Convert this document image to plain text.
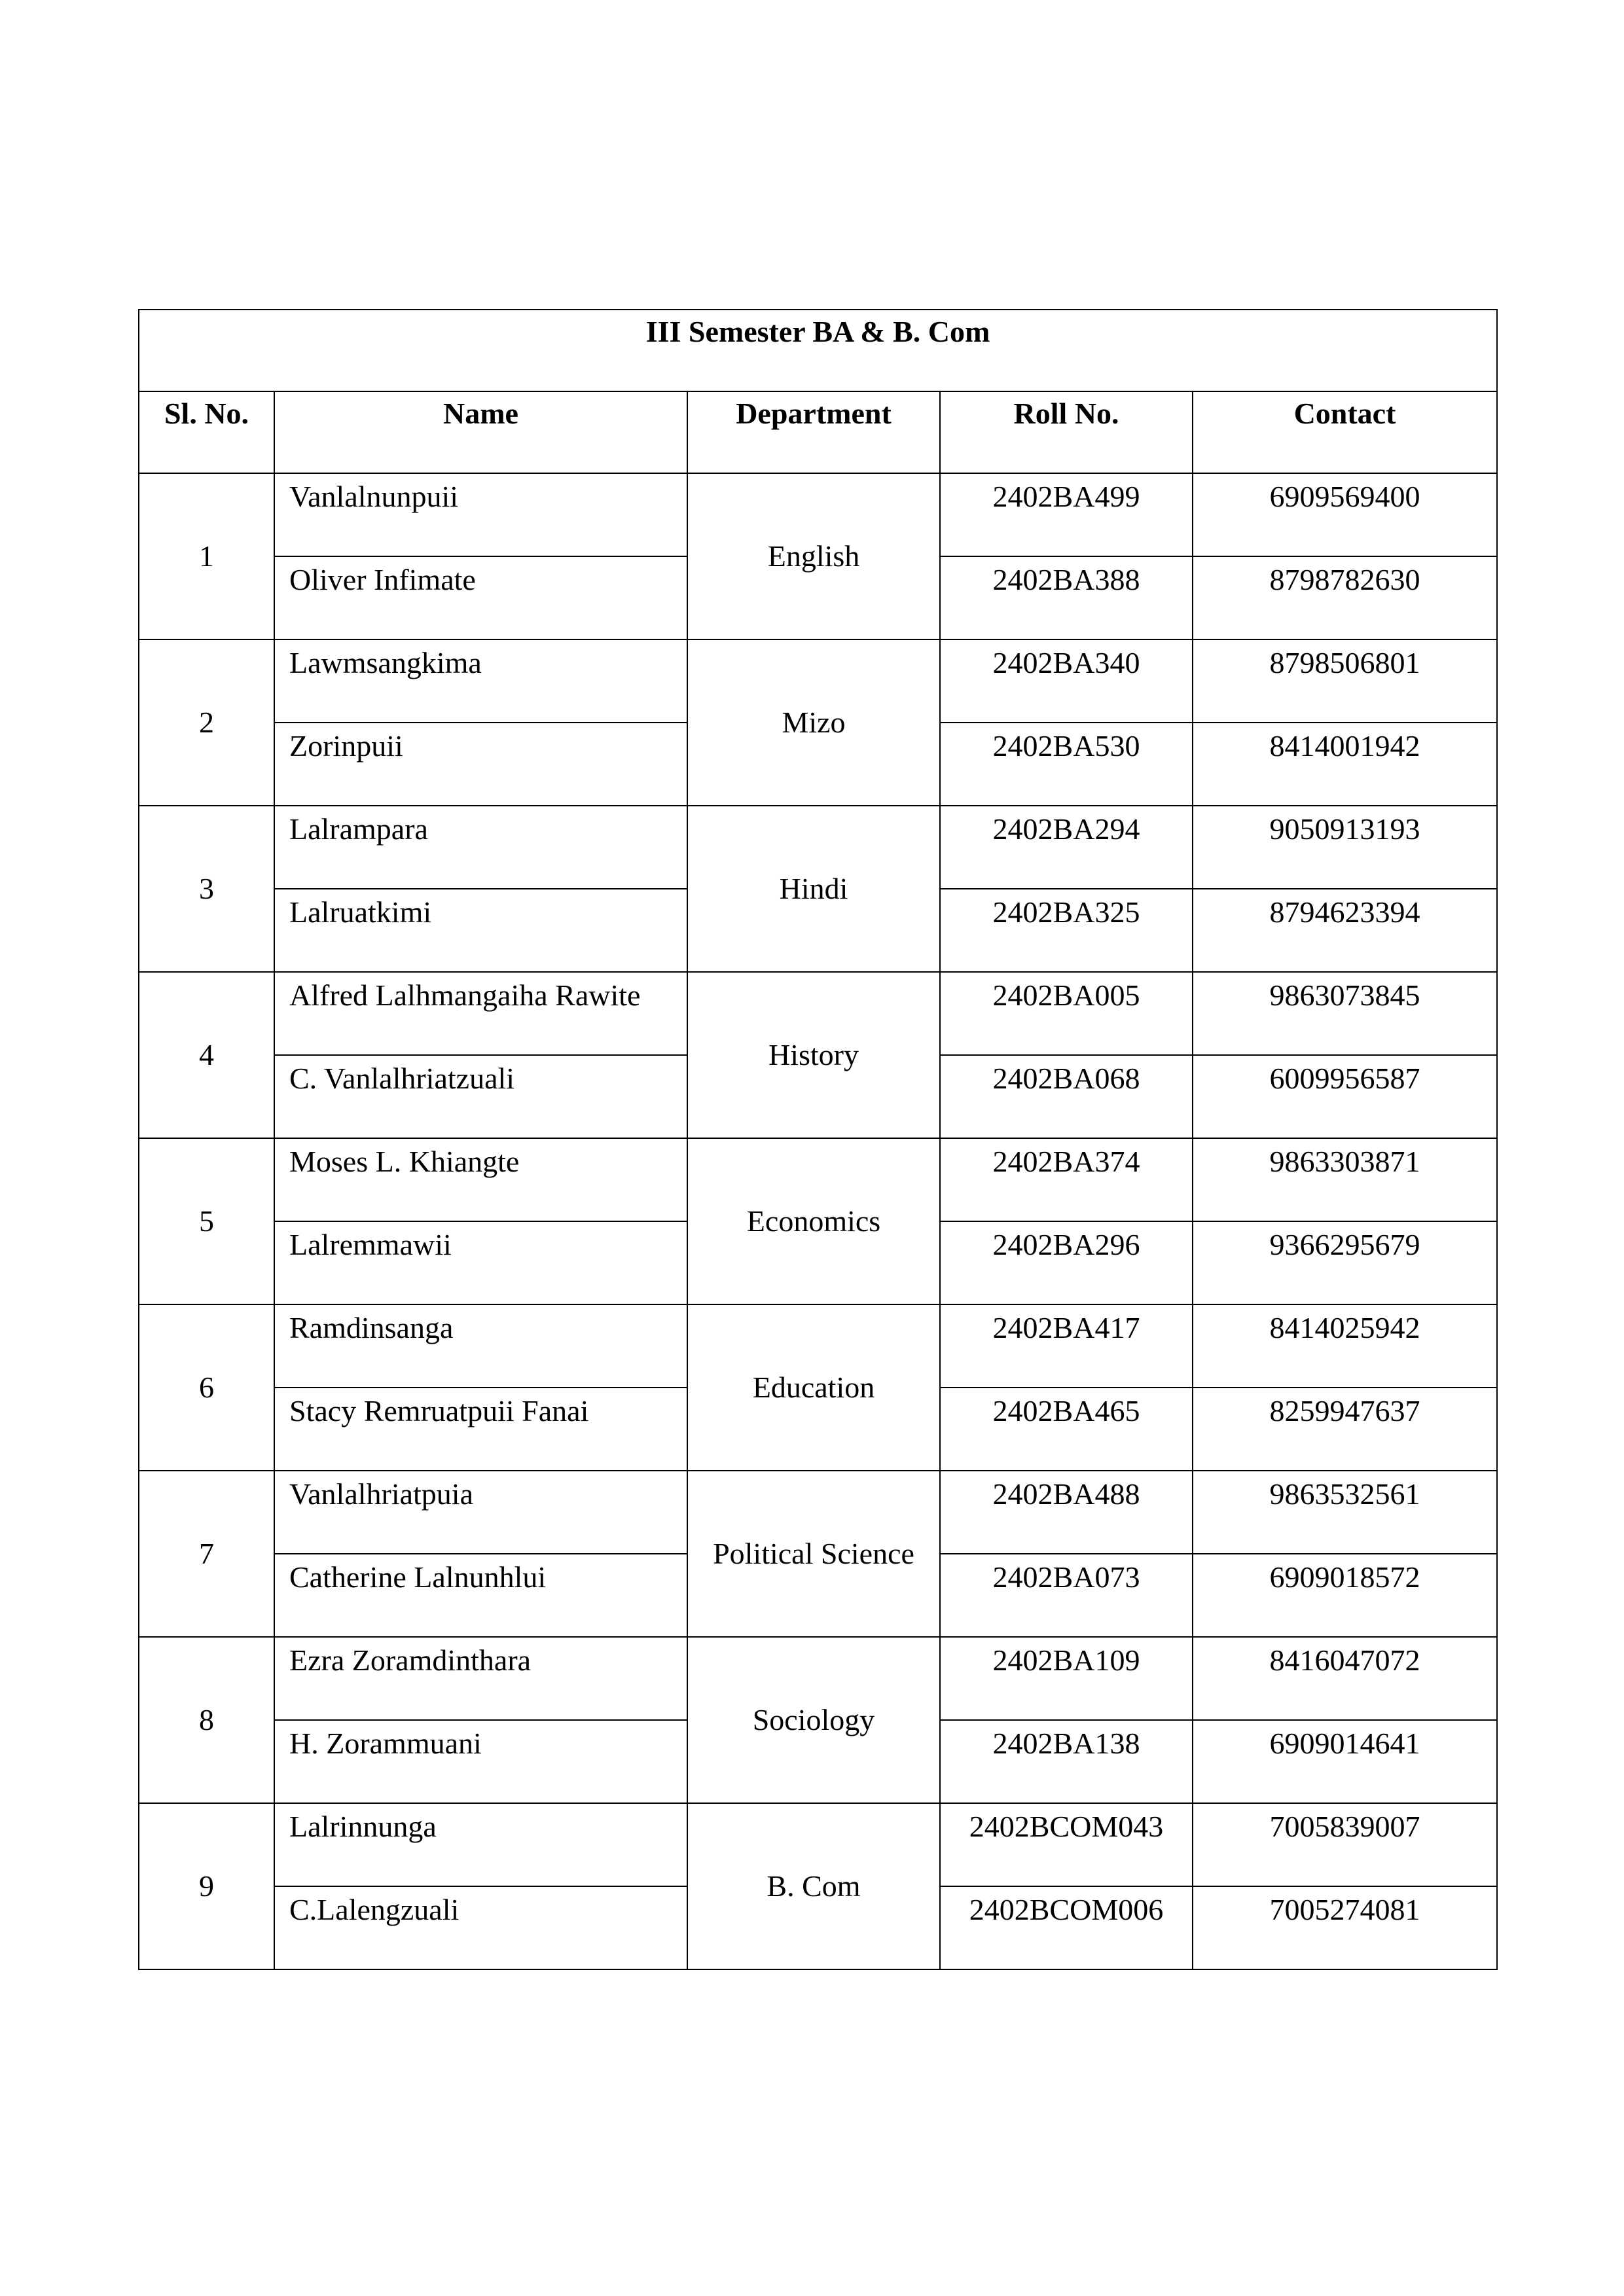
III Semester BA & B. Com				
Sl. No.	Name	Department	Roll No.	Contact
1	Vanlalnunpuii	English	2402BA499	6909569400
	Oliver Infimate		2402BA388	8798782630
2	Lawmsangkima	Mizo	2402BA340	8798506801
	Zorinpuii		2402BA530	8414001942
3	Lalrampara	Hindi	2402BA294	9050913193
	Lalruatkimi		2402BA325	8794623394
4	Alfred Lalhmangaiha Rawite	History	2402BA005	9863073845
	C. Vanlalhriatzuali		2402BA068	6009956587
5	Moses L. Khiangte	Economics	2402BA374	9863303871
	Lalremmawii		2402BA296	9366295679
6	Ramdinsanga	Education	2402BA417	8414025942
	Stacy Remruatpuii Fanai		2402BA465	8259947637
7	Vanlalhriatpuia	Political Science	2402BA488	9863532561
	Catherine Lalnunhlui		2402BA073	6909018572
8	Ezra Zoramdinthara	Sociology	2402BA109	8416047072
	H. Zorammuani		2402BA138	6909014641
9	Lalrinnunga	B. Com	2402BCOM043	7005839007
	C.Lalengzuali		2402BCOM006	7005274081
